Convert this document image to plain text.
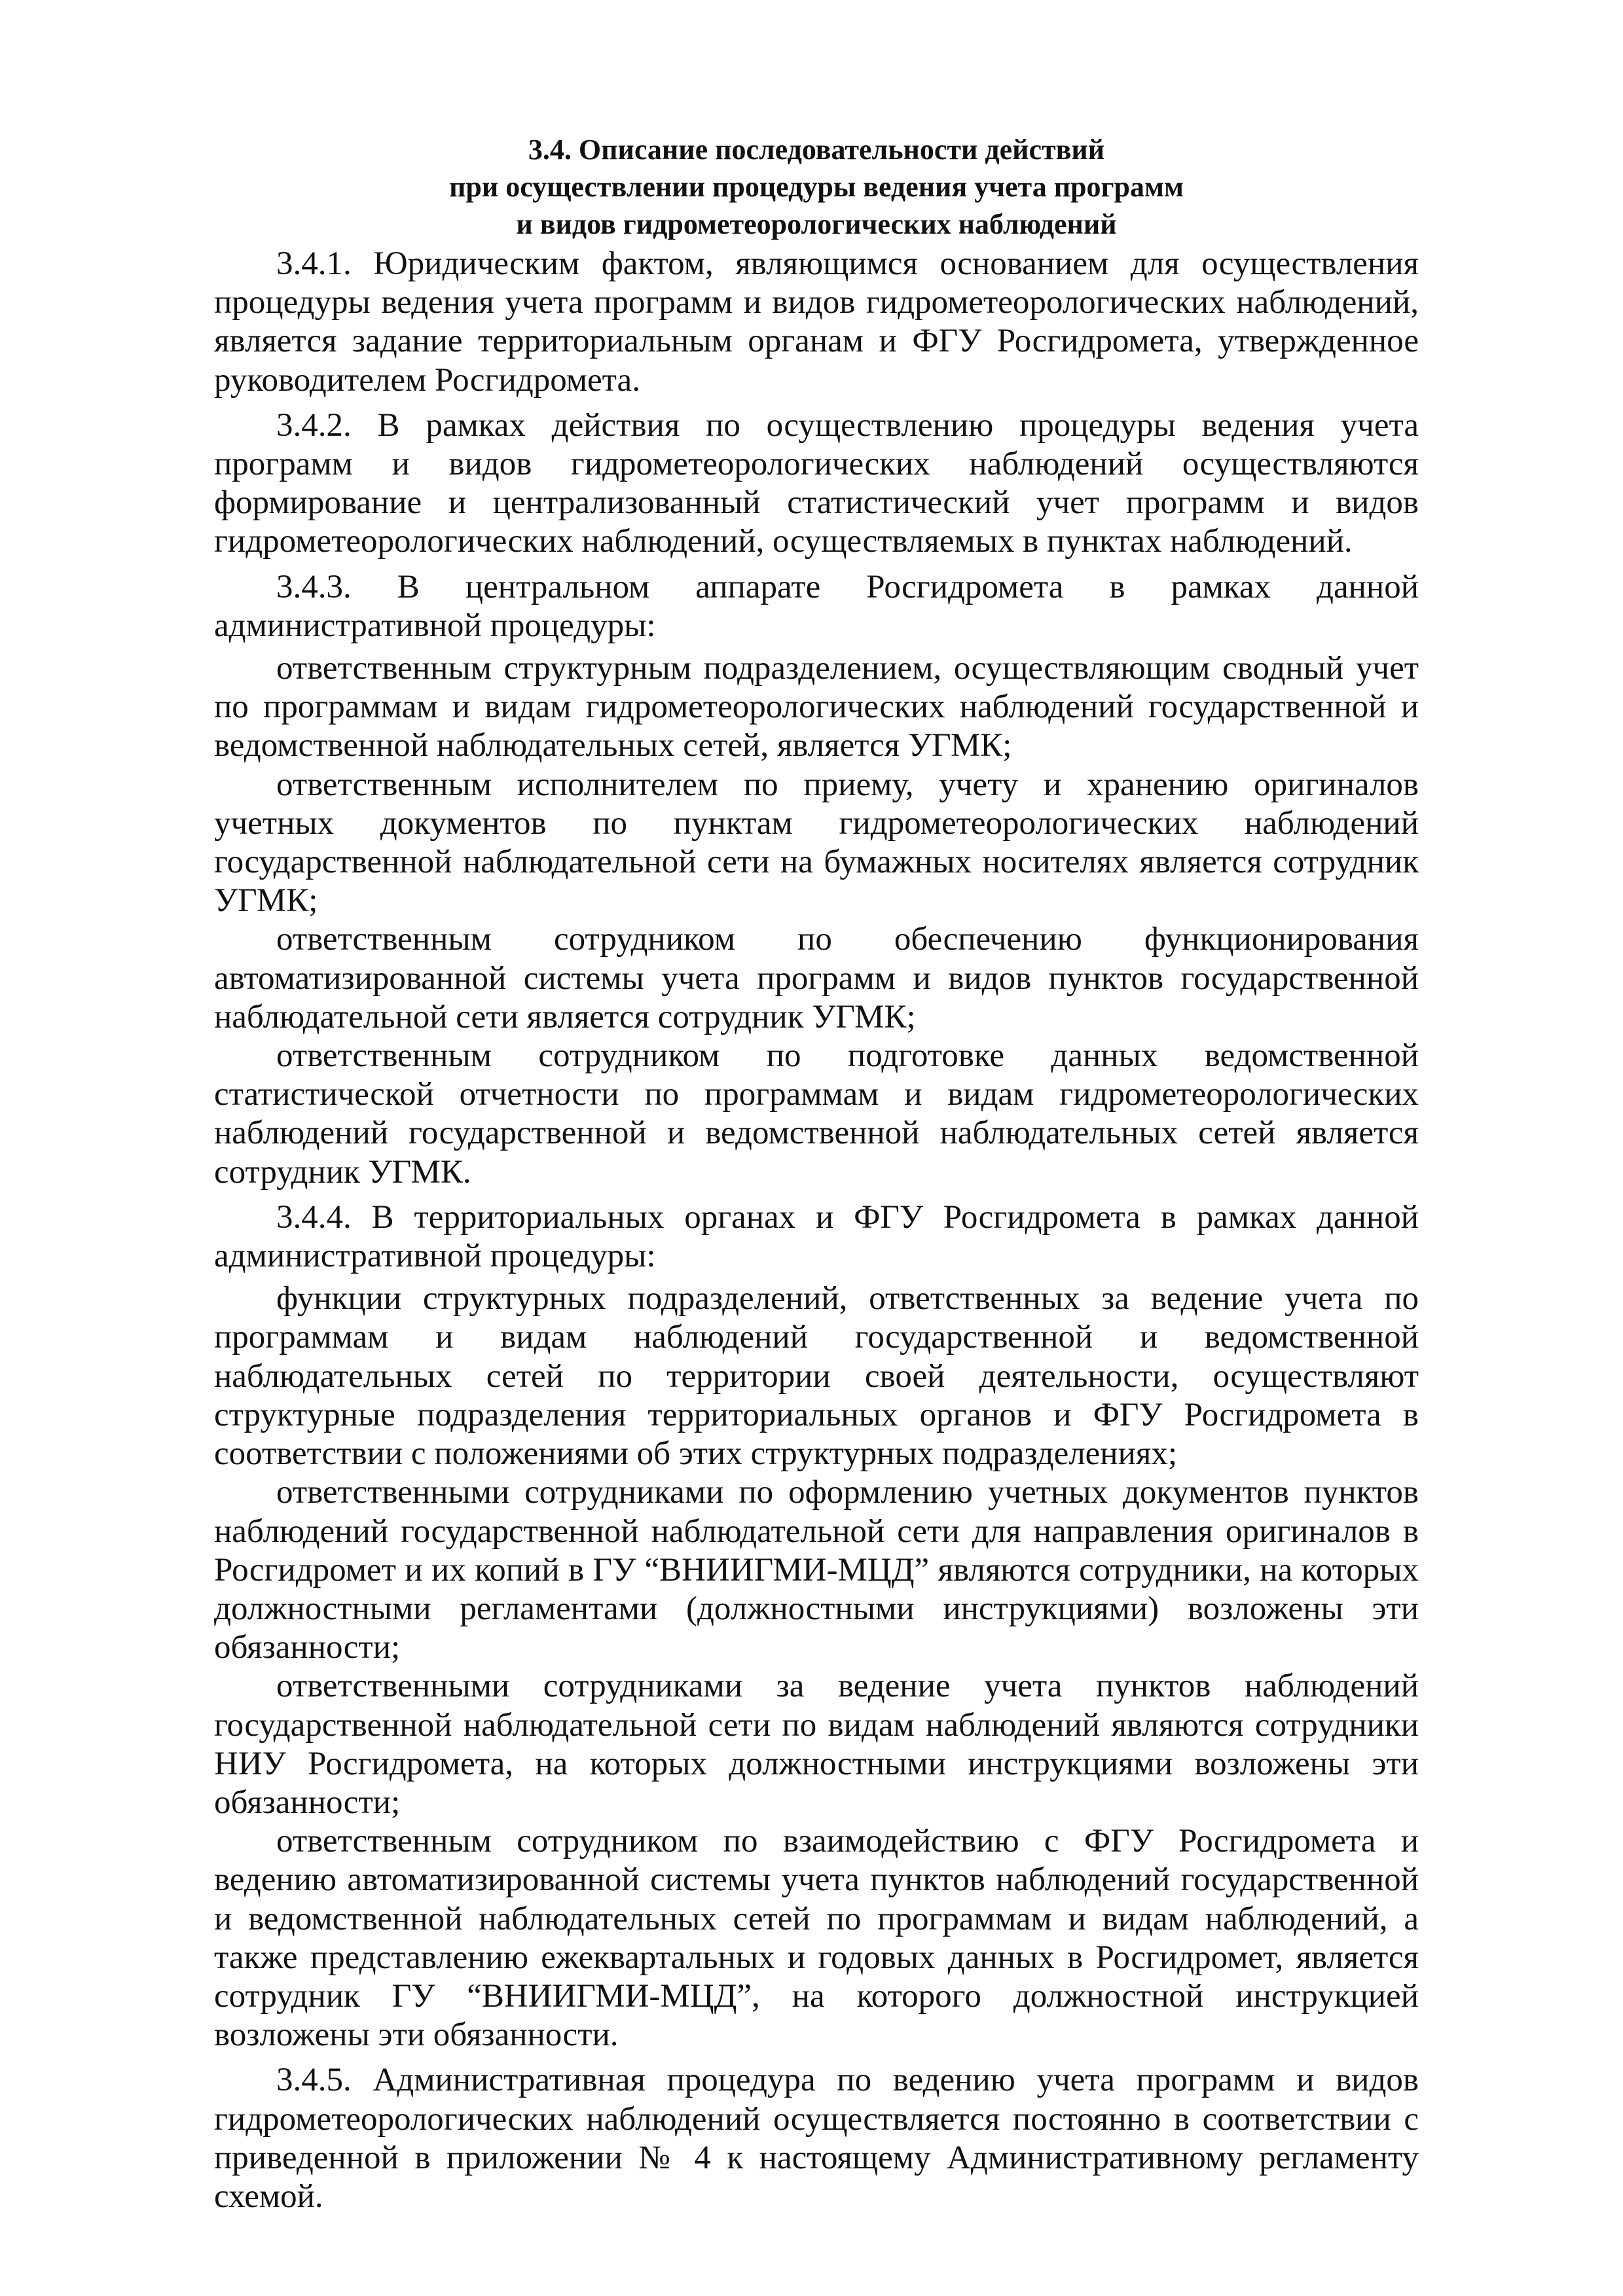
3.4. Описание последовательности действий
при осуществлении процедуры ведения учета программ
и видов гидрометеорологических наблюдений

3.4.1. Юридическим фактом, являющимся основанием для осуществления процедуры ведения учета программ и видов гидрометеорологических наблюдений, является задание территориальным органам и ФГУ Росгидромета, утвержденное руководителем Росгидромета.

3.4.2. В рамках действия по осуществлению процедуры ведения учета программ и видов гидрометеорологических наблюдений осуществляются формирование и централизованный статистический учет программ и видов гидрометеорологических наблюдений, осуществляемых в пунктах наблюдений.

3.4.3. В центральном аппарате Росгидромета в рамках данной административной процедуры:

ответственным структурным подразделением, осуществляющим сводный учет по программам и видам гидрометеорологических наблюдений государственной и ведомственной наблюдательных сетей, является УГМК;

ответственным исполнителем по приему, учету и хранению оригиналов учетных документов по пунктам гидрометеорологических наблюдений государственной наблюдательной сети на бумажных носителях является сотрудник УГМК;

ответственным сотрудником по обеспечению функционирования автоматизированной системы учета программ и видов пунктов государственной наблюдательной сети является сотрудник УГМК;

ответственным сотрудником по подготовке данных ведомственной статистической отчетности по программам и видам гидрометеорологических наблюдений государственной и ведомственной наблюдательных сетей является сотрудник УГМК.

3.4.4. В территориальных органах и ФГУ Росгидромета в рамках данной административной процедуры:

функции структурных подразделений, ответственных за ведение учета по программам и видам наблюдений государственной и ведомственной наблюдательных сетей по территории своей деятельности, осуществляют структурные подразделения территориальных органов и ФГУ Росгидромета в соответствии с положениями об этих структурных подразделениях;

ответственными сотрудниками по оформлению учетных документов пунктов наблюдений государственной наблюдательной сети для направления оригиналов в Росгидромет и их копий в ГУ “ВНИИГМИ-МЦД” являются сотрудники, на которых должностными регламентами (должностными инструкциями) возложены эти обязанности;

ответственными сотрудниками за ведение учета пунктов наблюдений государственной наблюдательной сети по видам наблюдений являются сотрудники НИУ Росгидромета, на которых должностными инструкциями возложены эти обязанности;

ответственным сотрудником по взаимодействию с ФГУ Росгидромета и ведению автоматизированной системы учета пунктов наблюдений государственной и ведомственной наблюдательных сетей по программам и видам наблюдений, а также представлению ежеквартальных и годовых данных в Росгидромет, является сотрудник ГУ “ВНИИГМИ-МЦД”, на которого должностной инструкцией возложены эти обязанности.

3.4.5. Административная процедура по ведению учета программ и видов гидрометеорологических наблюдений осуществляется постоянно в соответствии с приведенной в приложении № 4 к настоящему Административному регламенту схемой.
